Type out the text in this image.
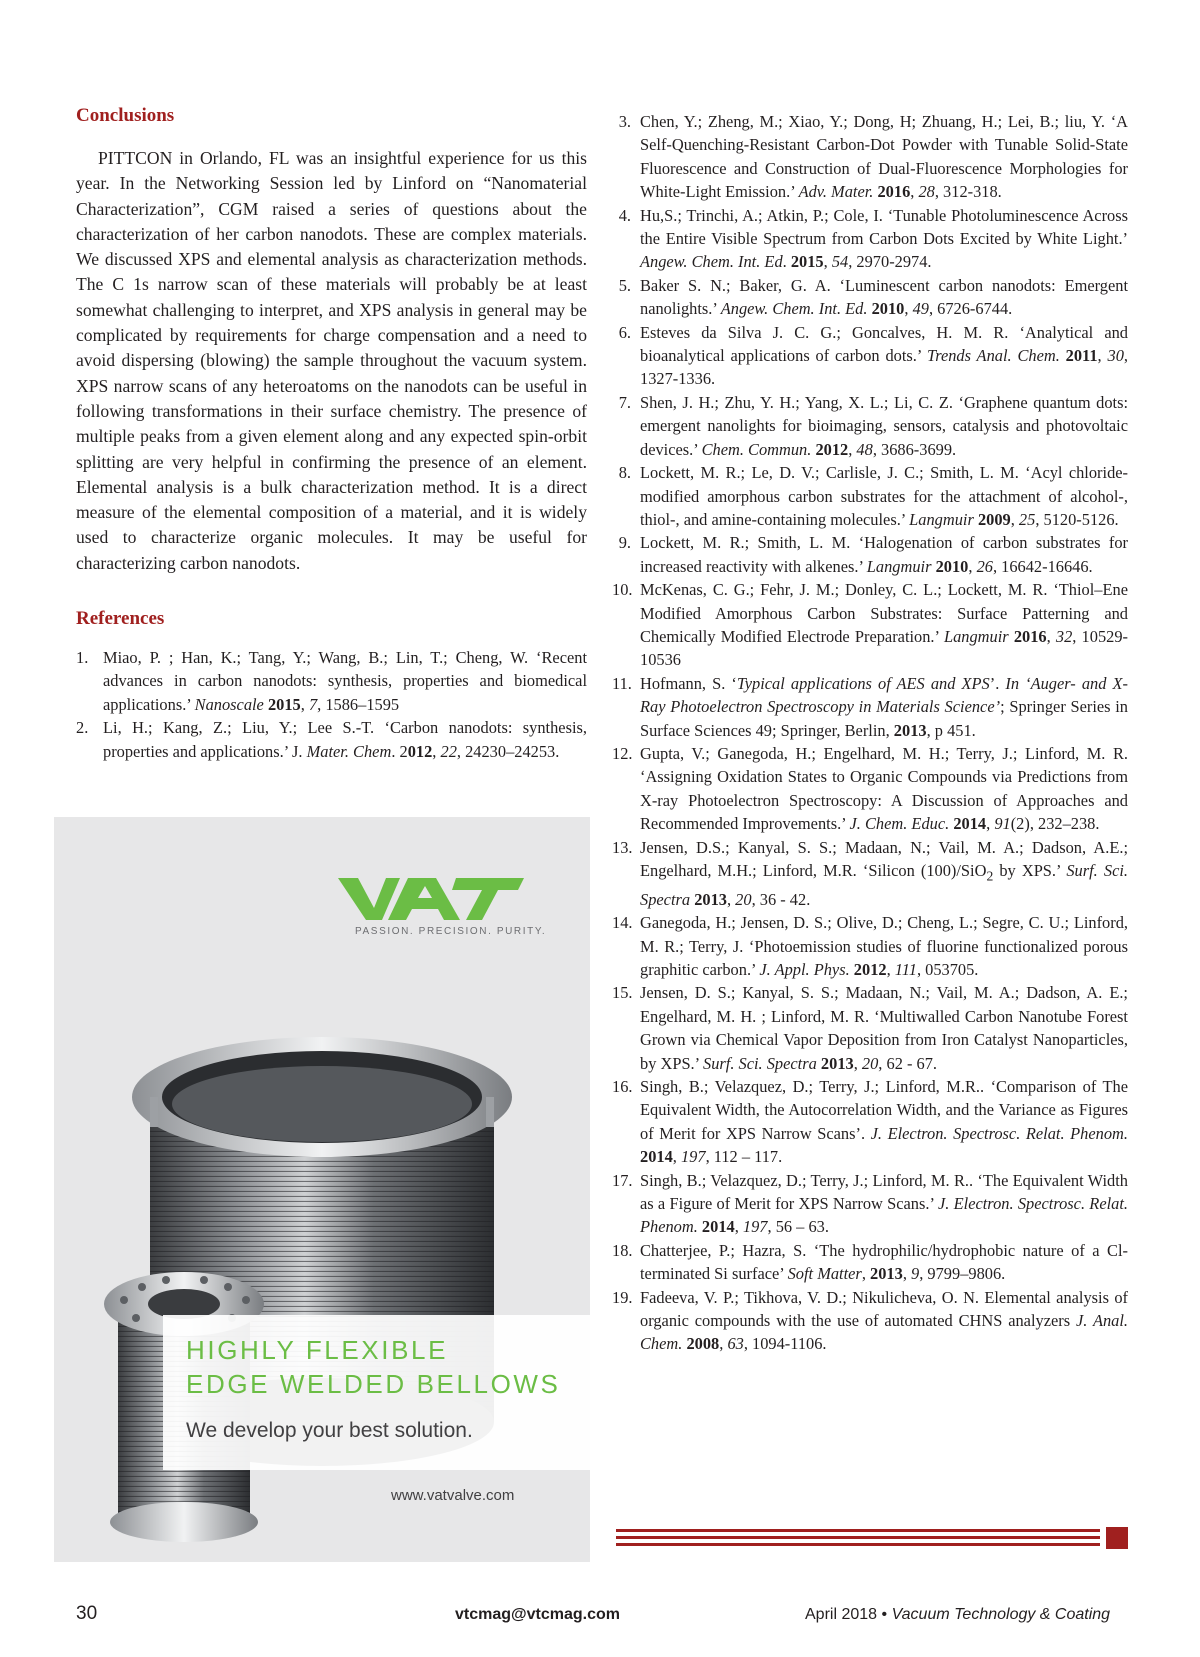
Conclusions

PITTCON in Orlando, FL was an insightful experience for us this year. In the Networking Session led by Linford on “Nanomaterial Characterization”, CGM raised a series of questions about the characterization of her carbon nanodots. These are complex materials. We discussed XPS and elemental analysis as characterization methods. The C 1s narrow scan of these materials will probably be at least somewhat challenging to interpret, and XPS analysis in general may be complicated by requirements for charge compensation and a need to avoid dispersing (blowing) the sample throughout the vacuum system. XPS narrow scans of any heteroatoms on the nanodots can be useful in following transformations in their surface chemistry. The presence of multiple peaks from a given element along and any expected spin-orbit splitting are very helpful in confirming the presence of an element. Elemental analysis is a bulk characterization method. It is a direct measure of the elemental composition of a material, and it is widely used to characterize organic molecules. It may be useful for characterizing carbon nanodots.

References
1. Miao, P. ; Han, K.; Tang, Y.; Wang, B.; Lin, T.; Cheng, W. ‘Recent advances in carbon nanodots: synthesis, properties and biomedical applications.’ Nanoscale 2015, 7, 1586–1595
2. Li, H.; Kang, Z.; Liu, Y.; Lee S.-T. ‘Carbon nanodots: synthesis, properties and applications.’ J. Mater. Chem. 2012, 22, 24230–24253.
3. Chen, Y.; Zheng, M.; Xiao, Y.; Dong, H; Zhuang, H.; Lei, B.; liu, Y. ‘A Self-Quenching-Resistant Carbon-Dot Powder with Tunable Solid-State Fluorescence and Construction of Dual-Fluorescence Morphologies for White-Light Emission.’ Adv. Mater. 2016, 28, 312-318.
4. Hu,S.; Trinchi, A.; Atkin, P.; Cole, I. ‘Tunable Photoluminescence Across the Entire Visible Spectrum from Carbon Dots Excited by White Light.’ Angew. Chem. Int. Ed. 2015, 54, 2970-2974.
5. Baker S. N.; Baker, G. A. ‘Luminescent carbon nanodots: Emergent nanolights.’ Angew. Chem. Int. Ed. 2010, 49, 6726-6744.
6. Esteves da Silva J. C. G.; Goncalves, H. M. R. ‘Analytical and bioanalytical applications of carbon dots.’ Trends Anal. Chem. 2011, 30, 1327-1336.
7. Shen, J. H.; Zhu, Y. H.; Yang, X. L.; Li, C. Z. ‘Graphene quantum dots: emergent nanolights for bioimaging, sensors, catalysis and photovoltaic devices.’ Chem. Commun. 2012, 48, 3686-3699.
8. Lockett, M. R.; Le, D. V.; Carlisle, J. C.; Smith, L. M. ‘Acyl chloride-modified amorphous carbon substrates for the attachment of alcohol-, thiol-, and amine-containing molecules.’ Langmuir 2009, 25, 5120-5126.
9. Lockett, M. R.; Smith, L. M. ‘Halogenation of carbon substrates for increased reactivity with alkenes.’ Langmuir 2010, 26, 16642-16646.
10. McKenas, C. G.; Fehr, J. M.; Donley, C. L.; Lockett, M. R. ‘Thiol–Ene Modified Amorphous Carbon Substrates: Surface Patterning and Chemically Modified Electrode Preparation.’ Langmuir 2016, 32, 10529-10536
11. Hofmann, S. ‘Typical applications of AES and XPS’. In ‘Auger- and X-Ray Photoelectron Spectroscopy in Materials Science’; Springer Series in Surface Sciences 49; Springer, Berlin, 2013, p 451.
12. Gupta, V.; Ganegoda, H.; Engelhard, M. H.; Terry, J.; Linford, M. R. ‘Assigning Oxidation States to Organic Compounds via Predictions from X-ray Photoelectron Spectroscopy: A Discussion of Approaches and Recommended Improvements.’ J. Chem. Educ. 2014, 91(2), 232–238.
13. Jensen, D.S.; Kanyal, S. S.; Madaan, N.; Vail, M. A.; Dadson, A.E.; Engelhard, M.H.; Linford, M.R. ‘Silicon (100)/SiO$_2$ by XPS.’ Surf. Sci. Spectra 2013, 20, 36 - 42.
14. Ganegoda, H.; Jensen, D. S.; Olive, D.; Cheng, L.; Segre, C. U.; Linford, M. R.; Terry, J. ‘Photoemission studies of fluorine functionalized porous graphitic carbon.’ J. Appl. Phys. 2012, 111, 053705.
15. Jensen, D. S.; Kanyal, S. S.; Madaan, N.; Vail, M. A.; Dadson, A. E.; Engelhard, M. H. ; Linford, M. R. ‘Multiwalled Carbon Nanotube Forest Grown via Chemical Vapor Deposition from Iron Catalyst Nanoparticles, by XPS.’ Surf. Sci. Spectra 2013, 20, 62 - 67.
16. Singh, B.; Velazquez, D.; Terry, J.; Linford, M.R.. ‘Comparison of The Equivalent Width, the Autocorrelation Width, and the Variance as Figures of Merit for XPS Narrow Scans’. J. Electron. Spectrosc. Relat. Phenom. 2014, 197, 112 – 117.
17. Singh, B.; Velazquez, D.; Terry, J.; Linford, M. R.. ‘The Equivalent Width as a Figure of Merit for XPS Narrow Scans.’ J. Electron. Spectrosc. Relat. Phenom. 2014, 197, 56 – 63.
18. Chatterjee, P.; Hazra, S. ‘The hydrophilic/hydrophobic nature of a Cl-terminated Si surface’ Soft Matter, 2013, 9, 9799–9806.
19. Fadeeva, V. P.; Tikhova, V. D.; Nikulicheva, O. N. Elemental analysis of organic compounds with the use of automated CHNS analyzers J. Anal. Chem. 2008, 63, 1094-1106.
PASSION. PRECISION. PURITY.
HIGHLY FLEXIBLE
EDGE WELDED BELLOWS
We develop your best solution.
www.vatvalve.com
30	vtcmag@vtcmag.com	April 2018 • Vacuum Technology & Coating
